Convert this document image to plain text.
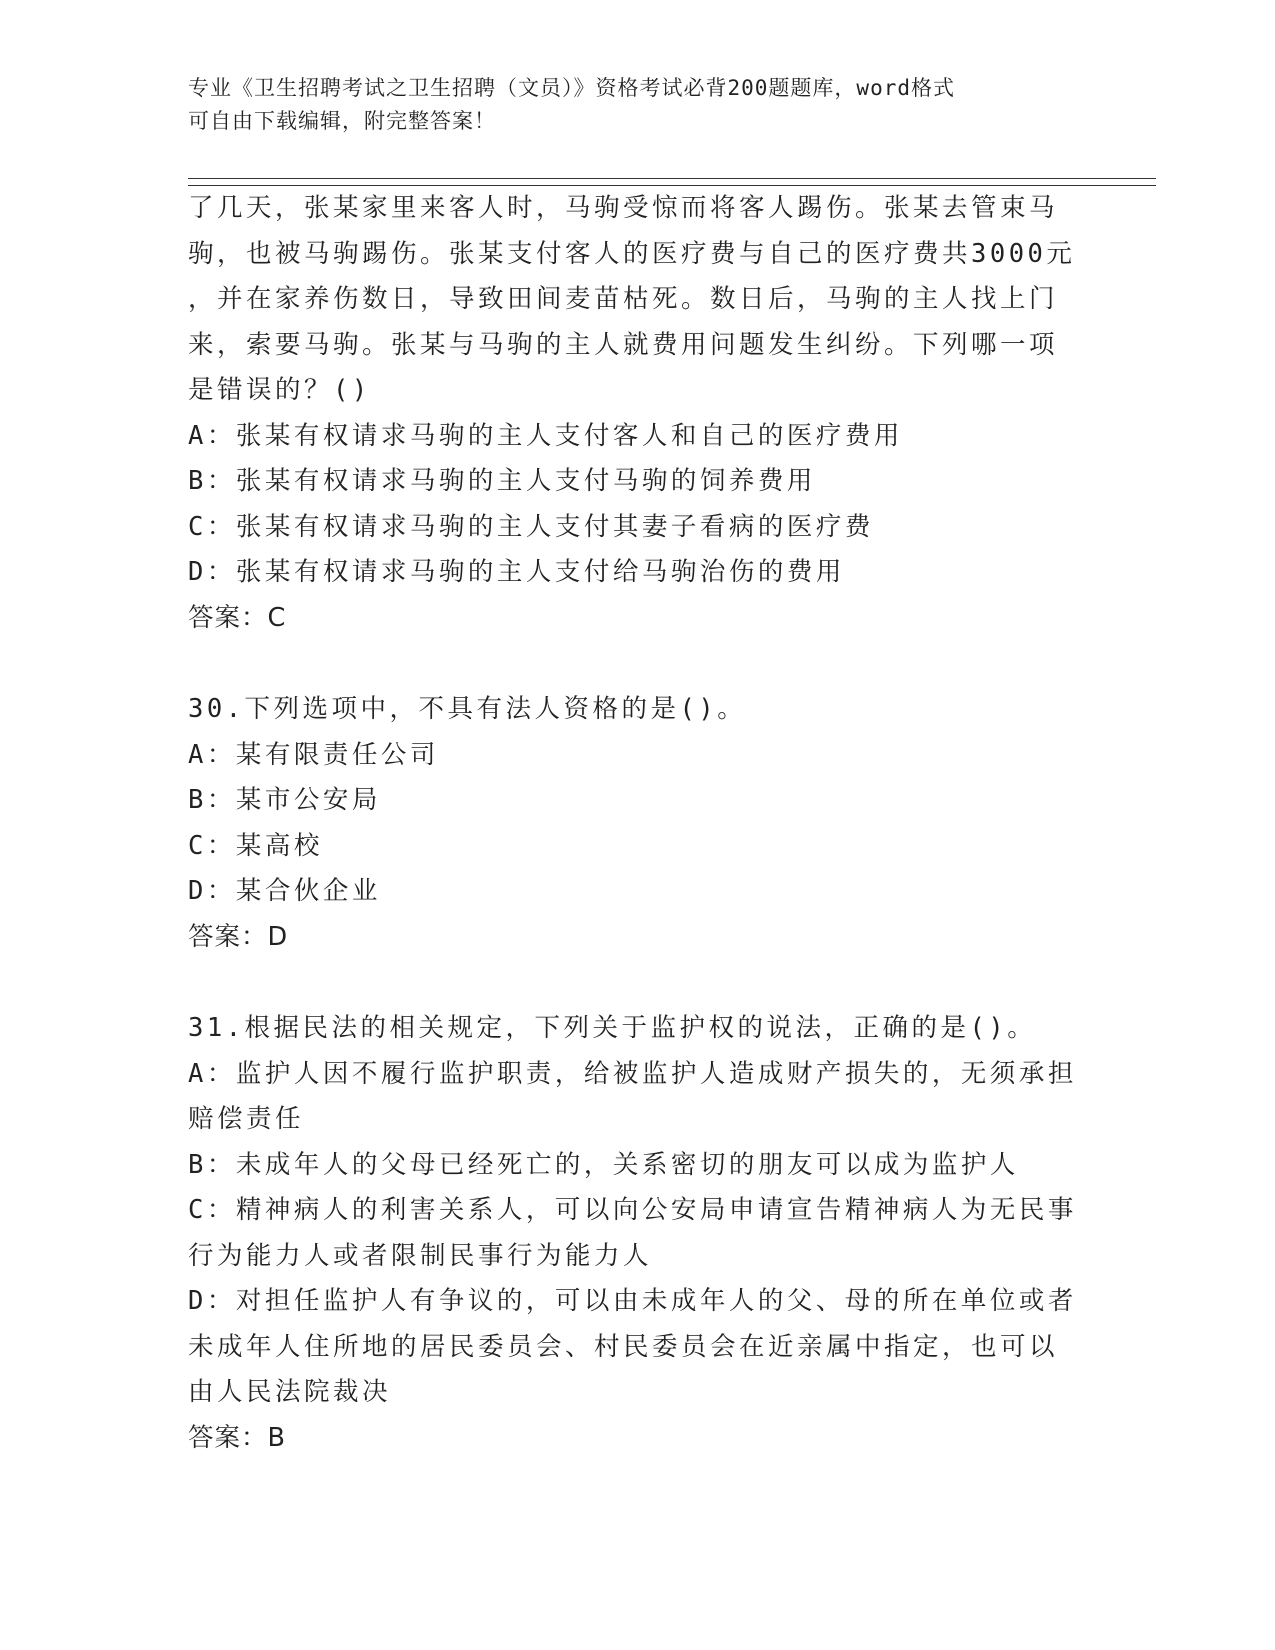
专业《卫生招聘考试之卫生招聘（文员）》资格考试必背200题题库，word格式

可自由下载编辑，附完整答案！

了几天，张某家里来客人时，马驹受惊而将客人踢伤。张某去管束马

驹，也被马驹踢伤。张某支付客人的医疗费与自己的医疗费共3000元

，并在家养伤数日，导致田间麦苗枯死。数日后，马驹的主人找上门

来，索要马驹。张某与马驹的主人就费用问题发生纠纷。下列哪一项

是错误的？()

A：张某有权请求马驹的主人支付客人和自己的医疗费用

B：张某有权请求马驹的主人支付马驹的饲养费用

C：张某有权请求马驹的主人支付其妻子看病的医疗费

D：张某有权请求马驹的主人支付给马驹治伤的费用

答案：C

30.下列选项中，不具有法人资格的是()。

A：某有限责任公司

B：某市公安局

C：某高校

D：某合伙企业

答案：D

31.根据民法的相关规定，下列关于监护权的说法，正确的是()。

A：监护人因不履行监护职责，给被监护人造成财产损失的，无须承担

赔偿责任

B：未成年人的父母已经死亡的，关系密切的朋友可以成为监护人

C：精神病人的利害关系人，可以向公安局申请宣告精神病人为无民事

行为能力人或者限制民事行为能力人

D：对担任监护人有争议的，可以由未成年人的父、母的所在单位或者

未成年人住所地的居民委员会、村民委员会在近亲属中指定，也可以

由人民法院裁决

答案：B
